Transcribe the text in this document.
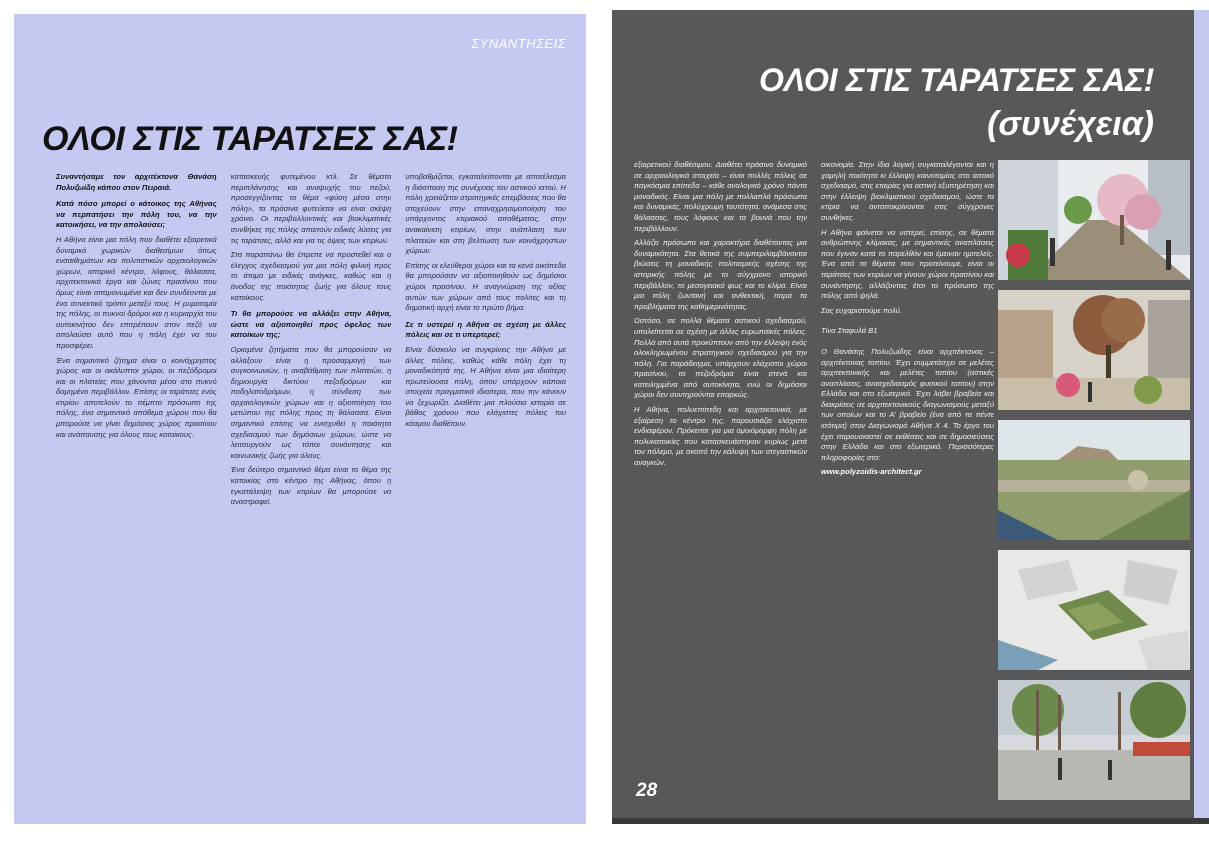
ΣΥΝΑΝΤΗΣΕΙΣ
ΟΛΟΙ ΣΤΙΣ ΤΑΡΑΤΣΕΣ ΣΑΣ!

Συναντήσαμε τον αρχιτέκτονα Θανάση Πολυζωίδη κάπου στον Πειραιά.

Κατά πόσο μπορεί ο κάτοικος της Αθήνας να περπατήσει την πόλη του, να την κατοικήσει, να την απολαύσει;

Η Αθήνα είναι μια πόλη που διαθέτει εξαιρετικά δυναμικό χωρικών διαθεσίμων όπως ενσαιθημάτων και πολιτιστικών αρχαιολογικών χώρων, ιστορικό κέντρο, λόφους, θάλασσα, αρχιτεκτονικά έργα και ζώνες πρασίνου που όμως είναι απομονωμένα και δεν συνδέονται με ένα συνεκτικό τρόπο μεταξύ τους. Η ρυμοτομία της πόλης, οι πυκνοί δρόμοι και η κυριαρχία του αυτοκινήτου δεν επιτρέπουν στον πεζό να απολαύσει αυτό που η πόλη έχει να του προσφέρει.

Ένα σημαντικό ζήτημα είναι ο κοινόχρηστος χώρος και οι ακάλυπτοι χώροι, οι πεζόδρομοι και οι πλατείες που χάνονται μέσα στο πυκνό δομημένο περιβάλλον. Επίσης οι ταράτσες ενός κτιρίου αποτελούν το πέμπτο πρόσωπο της πόλης, ένα σημαντικό απόθεμα χώρου που θα μπορούσε να γίνει δημόσιος χώρος πρασίνου και ανάπαυσης για όλους τους κατοίκους.

κατασκευής φυτεμένου κτλ. Σε θέματα περιπλάνησης και αναψυχής του πεζού, προσεγγίζοντας το θέμα «φύση μέσα στην πόλη», τα πράσινα φυτεύεται να είναι σκέψη χρόνιο. Οι περιβαλλοντικές και βιοκλιματικές συνθήκες της πόλης απαιτούν ειδικές λύσεις για τις ταράτσες, αλλά και για τις όψεις των κτιρίων.

Στα παραπάνω θα έπρεπε να προστεθεί και ο έλεγχος σχεδιασμού για μια πόλη φιλική προς το άτομο με ειδικές ανάγκες, καθώς και η άνοδος της ποιότητας ζωής για όλους τους κατοίκους.

Τι θα μπορούσε να αλλάξει στην Αθήνα, ώστε να αξιοποιηθεί προς όφελος των κατοίκων της;

Ορισμένα ζητήματα που θα μπορούσαν να αλλάξουν είναι η προσαρμογή των συγκοινωνιών, η αναβάθμιση των πλατειών, η δημιουργία δικτύου πεζοδρόμων και ποδηλατοδρόμων, η σύνδεση των αρχαιολογικών χώρων και η αξιοποίηση του μετώπου της πόλης προς τη θάλασσα. Είναι σημαντικό επίσης να ενισχυθεί η ποιότητα σχεδιασμού των δημόσιων χώρων, ώστε να λειτουργούν ως τόποι συνάντησης και κοινωνικής ζωής για όλους.

Ένα δεύτερο σημαντικό θέμα είναι το θέμα της κατοικίας στο κέντρο της Αθήνας, όπου η εγκατάλειψη των κτιρίων θα μπορούσε να αναστραφεί.

υποβαθμίζεται, εγκαταλείπονται με αποτέλεσμα η διάσπαση της συνέχειας του αστικού ιστού. Η πόλη χρειάζεται στρατηγικές επεμβάσεις που θα στοχεύουν στην επαναχρησιμοποίηση του υπάρχοντος κτιριακού αποθέματος, στην ανακαίνιση κτιρίων, στην ανάπλαση των πλατειών και στη βελτίωση των κοινόχρηστων χώρων.

Επίσης οι ελεύθεροι χώροι και τα κενά οικόπεδα θα μπορούσαν να αξιοποιηθούν ως δημόσιοι χώροι πρασίνου. Η αναγνώριση της αξίας αυτών των χώρων από τους πολίτες και τη δημοτική αρχή είναι το πρώτο βήμα.

Σε τι υστερεί η Αθήνα σε σχέση με άλλες πόλεις και σε τι υπερτερεί;

Είναι δύσκολο να συγκρίνεις την Αθήνα με άλλες πόλεις, καθώς κάθε πόλη έχει τη μοναδικότητά της. Η Αθήνα είναι μια ιδιαίτερη πρωτεύουσα πόλη, όπου υπάρχουν κάποια στοιχεία πραγματικά ιδιαίτερα, που την κάνουν να ξεχωρίζει. Διαθέτει μια πλούσια ιστορία σε βάθος χρόνου που ελάχιστες πόλεις του κόσμου διαθέτουν.

ΟΛΟΙ ΣΤΙΣ ΤΑΡΑΤΣΕΣ ΣΑΣ!
(συνέχεια)

εξαιρετικού διαθέσιμου. Διαθέτει πράσινο δυναμικό σε αρχαιολογικά στοιχεία – είναι πολλές πόλεις σε παγκόσμια επίπεδα – κάθε αναλογικό χρόνο πάντα μοναδικός. Είναι μια πόλη με πολλαπλά πρόσωπα και δυναμικές, πολύχρωμη ταυτότητα, ανάμεσα στις θάλασσες, τους λόφους και τα βουνά που την περιβάλλουν.

Αλλάζει πρόσωπο και χαρακτήρα διαθέτοντας μια δυναμικότητα. Στα θετικά της συμπεριλαμβάνονται βιώσεις τη μοναδικής πολιτισμικής σχέσης της ιστορικής πόλης με το σύγχρονο ιστορικό περιβάλλον, το μεσογειακό φως και το κλίμα. Είναι μια πόλη ζωντανή και ανθεκτική, παρά τα προβλήματα της καθημερινότητας.

Ωστόσο, σε πολλά θέματα αστικού σχεδιασμού, υπολείπεται σε σχέση με άλλες ευρωπαϊκές πόλεις. Πολλά από αυτά προκύπτουν από την έλλειψη ενός ολοκληρωμένου στρατηγικού σχεδιασμού για την πόλη. Για παράδειγμα, υπάρχουν ελάχιστοι χώροι πρασίνου, τα πεζοδρόμια είναι στενά και κατειλημμένα από αυτοκίνητα, ενώ οι δημόσιοι χώροι δεν συντηρούνται επαρκώς.

Η Αθήνα, πολυεπίπεδη και αρχιτεκτονικά, με εξαίρεση το κέντρο της, παρουσιάζει ελάχιστο ενδιαφέρον. Πρόκειται για μια ομοιόμορφη πόλη με πολυκατοικίες που κατασκευάστηκαν κυρίως μετά τον πόλεμο, με σκοπό την κάλυψη των στεγαστικών αναγκών.

οικονομία. Στην ίδια λογική συγκαταλέγονται και η χαμηλή ποιότητα κι έλλειψη καινοτομίας στο αστικό σχεδιασμό, στις εταιρίες για αστική εξυπηρέτηση και στην έλλειψη βιοκλιματικού σχεδιασμού, ώστε τα κτίρια να ανταποκρίνονται στις σύγχρονες συνθήκες.

Η Αθήνα φαίνεται να υστερεί, επίσης, σε θέματα ανθρώπινης κλίμακας, με σημαντικές αναπλάσεις που έγιναν κατά το παρελθόν και έμειναν ημιτελείς. Ένα από τα θέματα που προτείνουμε, είναι οι ταράτσες των κτιρίων να γίνουν χώροι πρασίνου και συνάντησης, αλλάζοντας έτσι το πρόσωπο της πόλης από ψηλά.

Σας ευχαριστούμε πολύ.

Τίνα Σταφυλά Β1

Ο Θανάσης Πολυζωίδης είναι αρχιτέκτονας – αρχιτέκτονας τοπίου. Έχει συμμετάσχει σε μελέτες αρχιτεκτονικής και μελέτες τοπίου (αστικές αναπλάσεις, ανασχεδιασμός φυσικού τοπίου) στην Ελλάδα και στο εξωτερικό. Έχει λάβει βραβεία και διακρίσεις σε αρχιτεκτονικούς διαγωνισμούς μεταξύ των οποίων και το Α' βραβείο (ένα από τα πέντε ισότιμα) στον Διαγωνισμό Αθήνα Χ 4. Το έργο του έχει παρουσιαστεί σε εκθέσεις και σε δημοσιεύσεις στην Ελλάδα και στο εξωτερικό. Περισσότερες πληροφορίες στο:

www.polyzoidis-architect.gr

28
